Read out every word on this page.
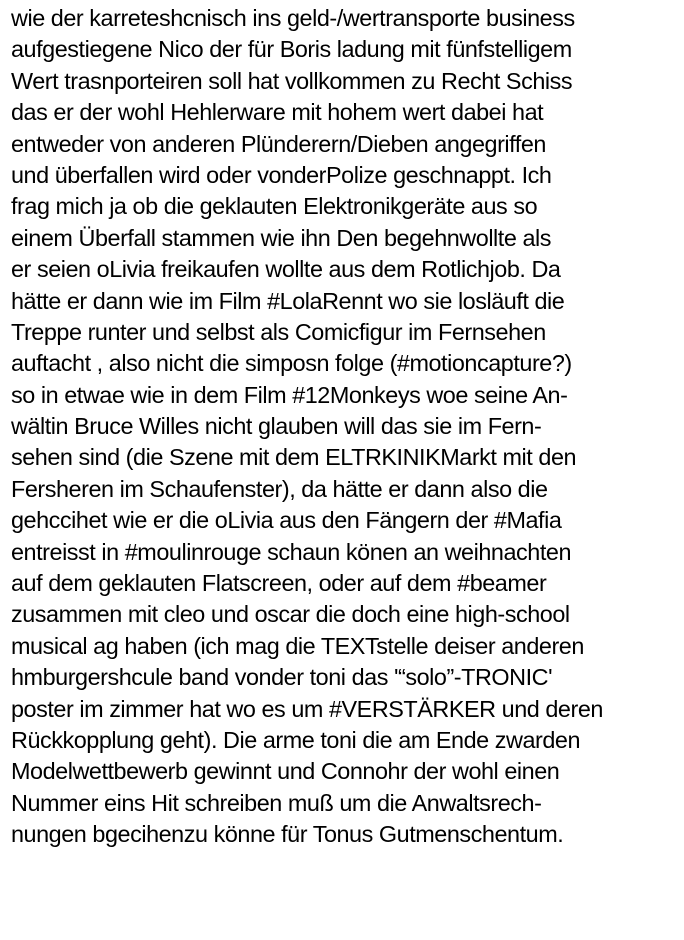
wie der karreteshcnisch ins geld-/wertransporte business
aufgestiegene Nico der für Boris ladung mit fünfstelligem
Wert trasnporteiren soll hat vollkommen zu Recht Schiss
das er der wohl Hehlerware mit hohem wert dabei hat
entweder von anderen Plünderern/Dieben angegriffen
und überfallen wird oder vonderPolize geschnappt. Ich
frag mich ja ob die geklauten Elektronikgeräte aus so
einem Überfall stammen wie ihn Den begehnwollte als
er seien oLivia freikaufen wollte aus dem Rotlichjob. Da
hätte er dann wie im Film #LolaRennt wo sie losläuft die
Treppe runter und selbst als Comicfigur im Fernsehen
auftacht , also nicht die simposn folge (#motioncapture?)
so in etwae wie in dem Film #12Monkeys woe seine An-
wältin Bruce Willes nicht glauben will das sie im Fern-
sehen sind (die Szene mit dem ELTRKINIKMarkt mit den
Fersheren im Schaufenster), da hätte er dann also die
gehccihet wie er die oLivia aus den Fängern der #Mafia
entreisst in #moulinrouge schaun könen an weihnachten
auf dem geklauten Flatscreen, oder auf dem #beamer
zusammen mit cleo und oscar die doch eine high-school
musical ag haben (ich mag die TEXTstelle deiser anderen
hmburgershcule band vonder toni das '“solo”-TRONIC'
poster im zimmer hat wo es um #VERSTÄRKER und deren
Rückkopplung geht). Die arme toni die am Ende zwarden
Modelwettbewerb gewinnt und Connohr der wohl einen
Nummer eins Hit schreiben muß um die Anwaltsrech-
nungen bgecihenzu könne für Tonus Gutmenschentum.
